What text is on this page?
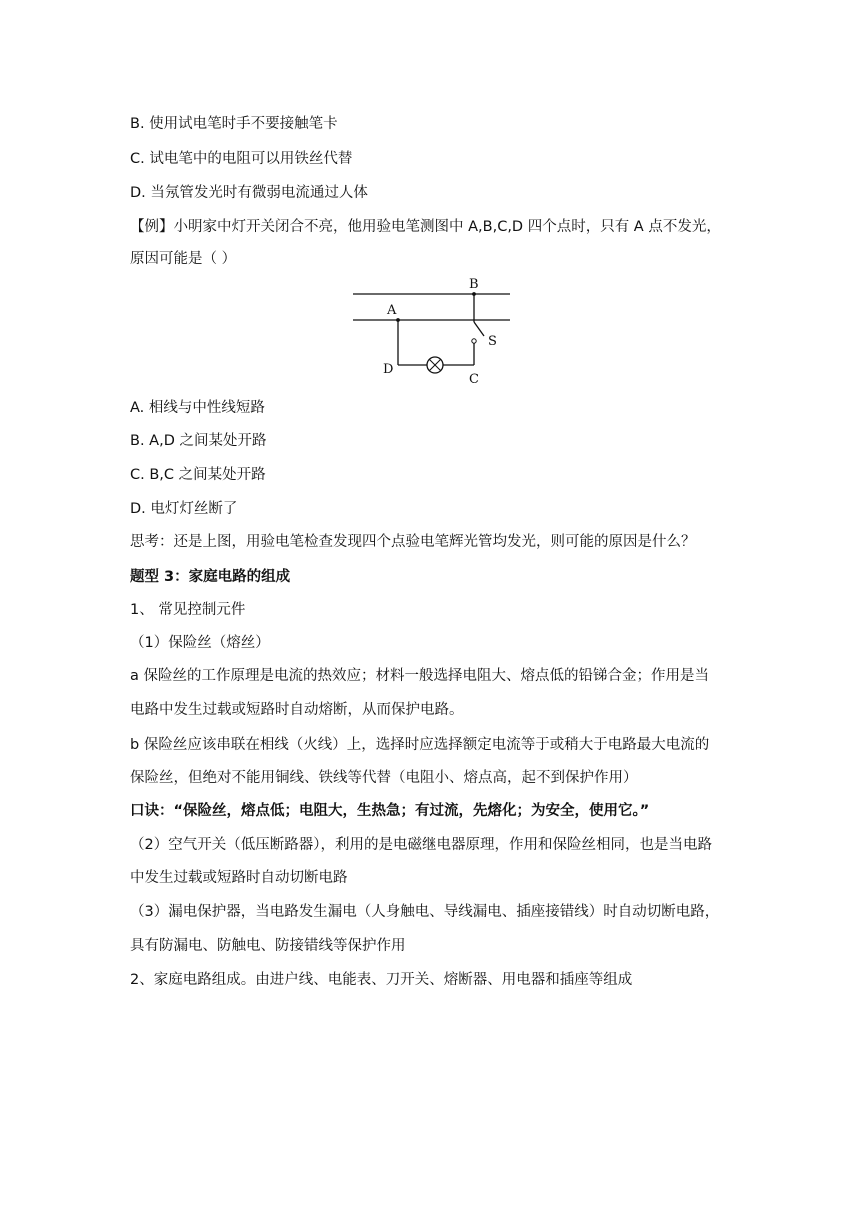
B. 使用试电笔时手不要接触笔卡
C. 试电笔中的电阻可以用铁丝代替
D. 当氖管发光时有微弱电流通过人体
【例】小明家中灯开关闭合不亮，他用验电笔测图中 A,B,C,D 四个点时，只有 A 点不发光，
原因可能是（ ）
B
A
S
D
C
A. 相线与中性线短路
B. A,D 之间某处开路
C. B,C 之间某处开路
D. 电灯灯丝断了
思考：还是上图，用验电笔检查发现四个点验电笔辉光管均发光，则可能的原因是什么？
题型 3：家庭电路的组成
1、 常见控制元件
（1）保险丝（熔丝）
a 保险丝的工作原理是电流的热效应；材料一般选择电阻大、熔点低的铅锑合金；作用是当
电路中发生过载或短路时自动熔断，从而保护电路。
b 保险丝应该串联在相线（火线）上，选择时应选择额定电流等于或稍大于电路最大电流的
保险丝，但绝对不能用铜线、铁线等代替（电阻小、熔点高，起不到保护作用）
口诀：“保险丝，熔点低；电阻大，生热急；有过流，先熔化；为安全，使用它。”
（2）空气开关（低压断路器），利用的是电磁继电器原理，作用和保险丝相同，也是当电路
中发生过载或短路时自动切断电路
（3）漏电保护器，当电路发生漏电（人身触电、导线漏电、插座接错线）时自动切断电路，
具有防漏电、防触电、防接错线等保护作用
2、家庭电路组成。由进户线、电能表、刀开关、熔断器、用电器和插座等组成
